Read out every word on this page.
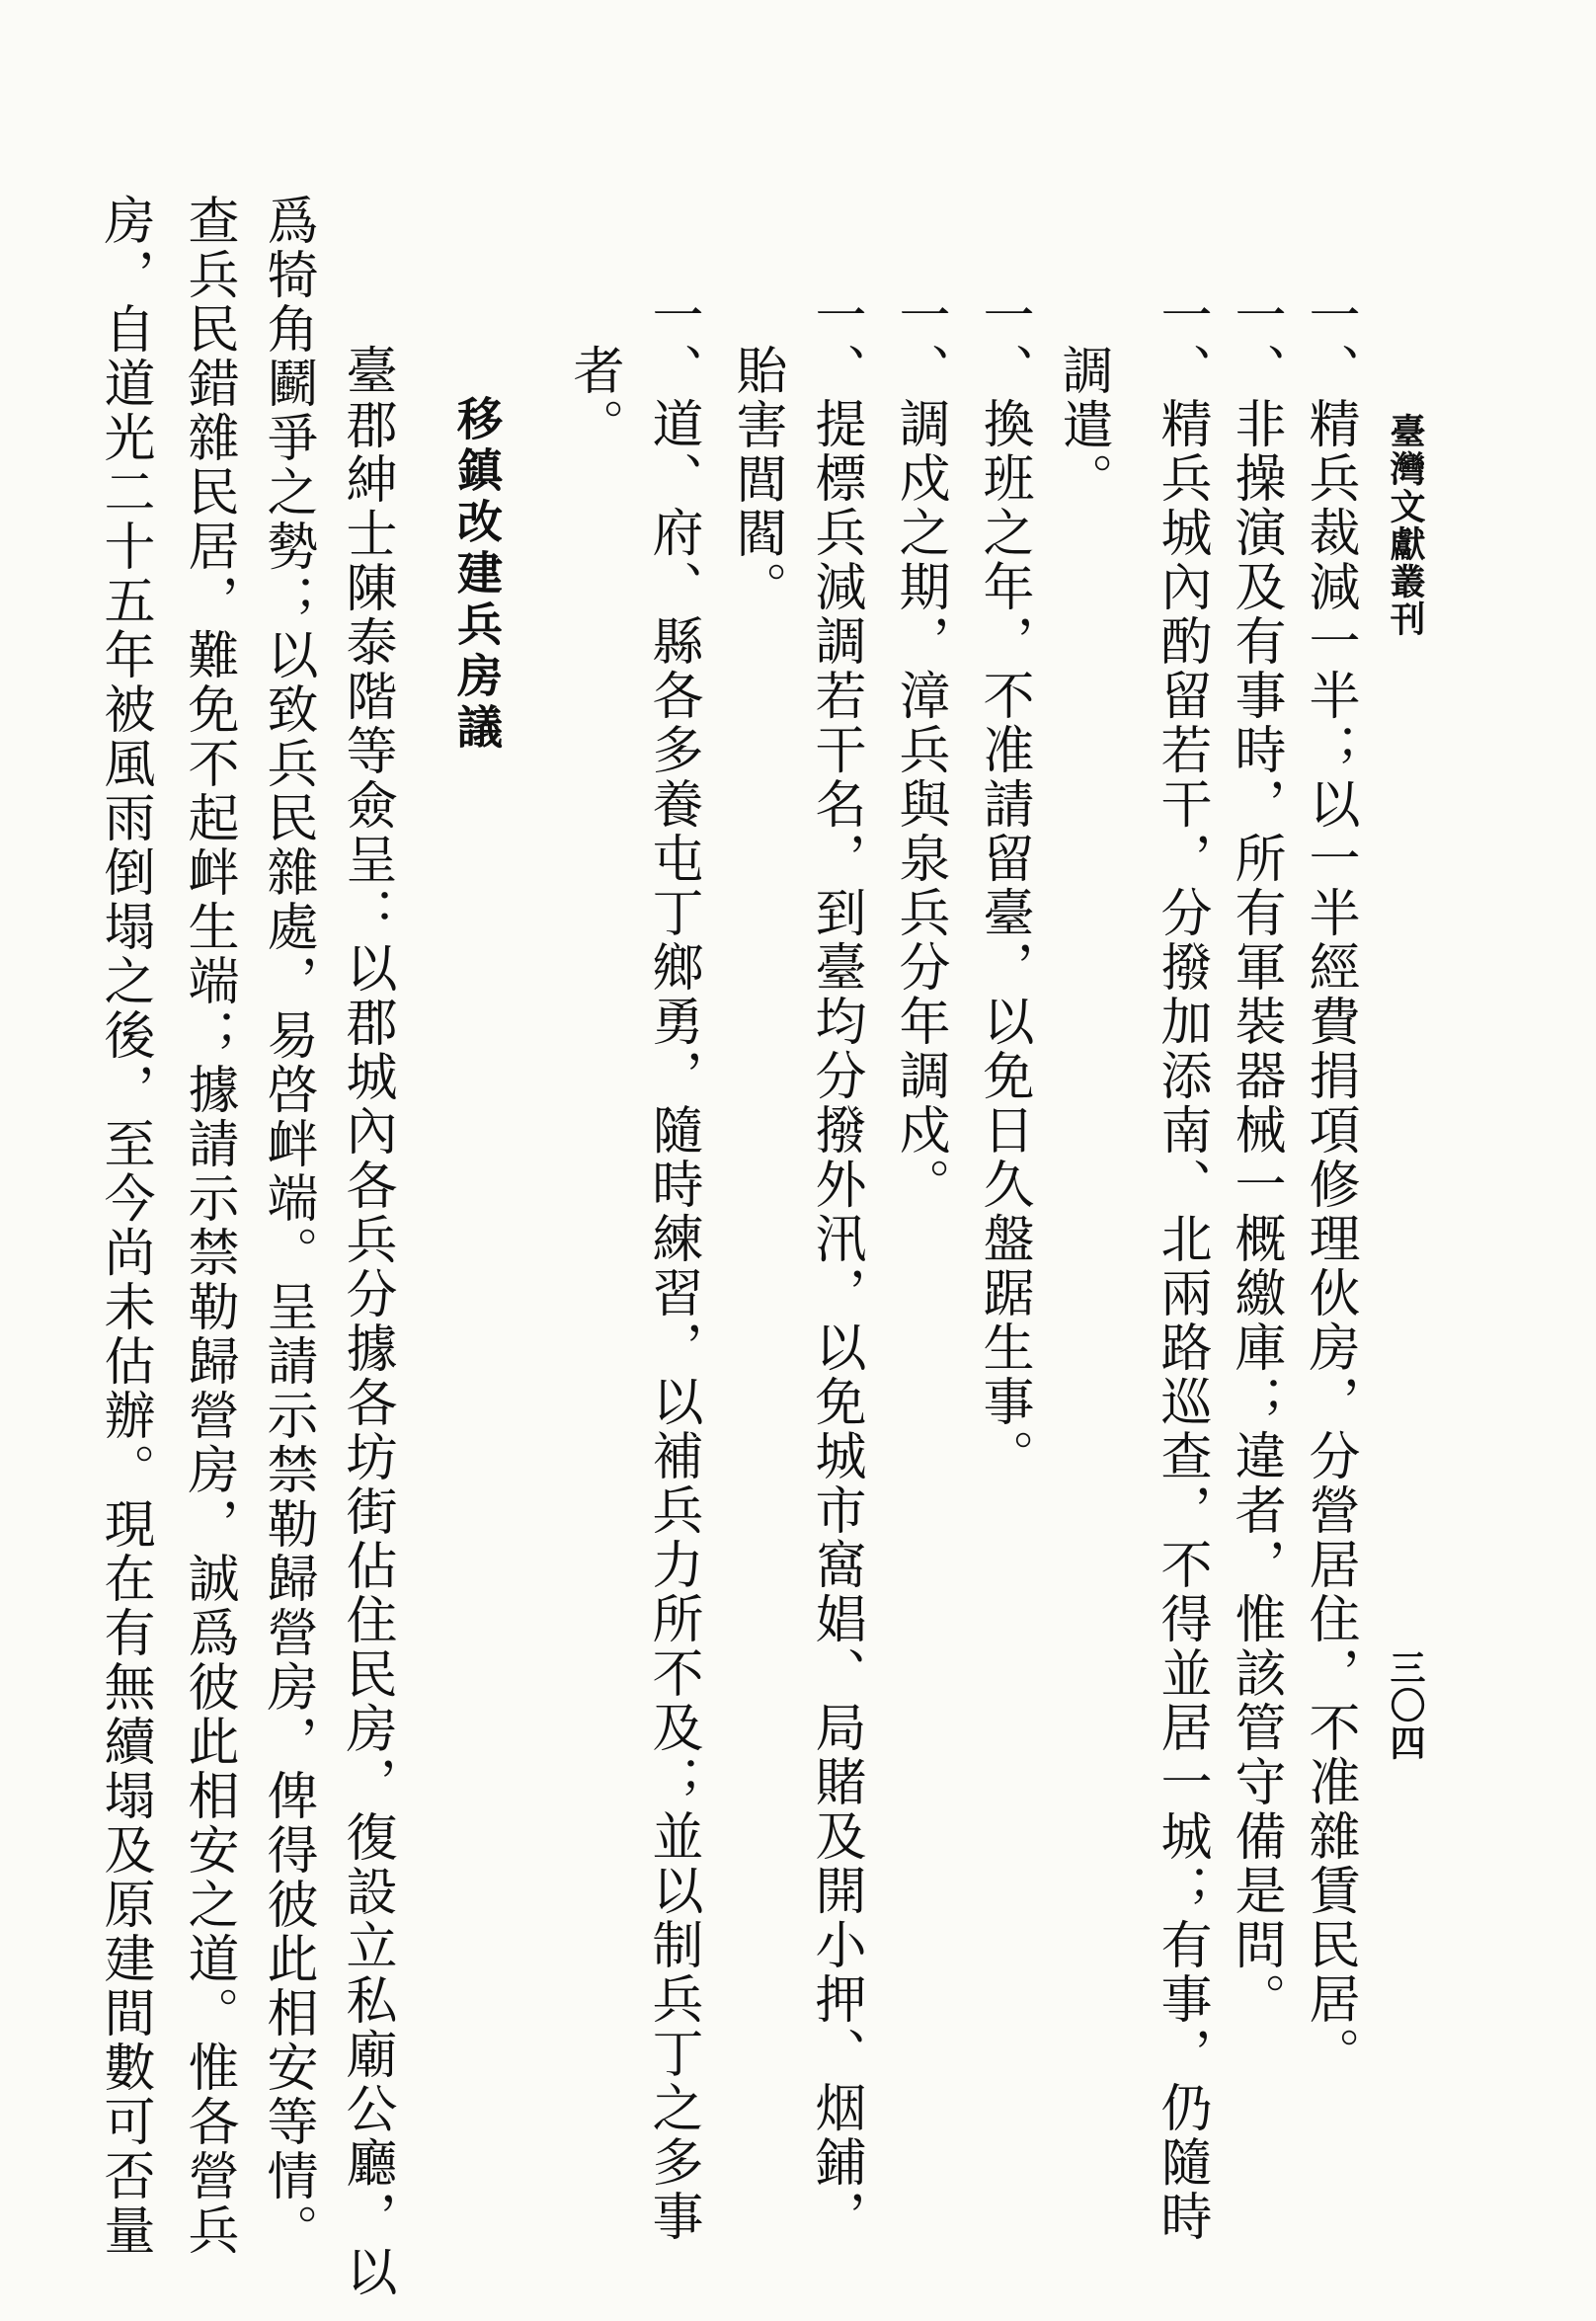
臺灣文獻叢刊
三〇四
一、精兵裁減一半；以一半經費捐項修理伙房，分營居住，不准雜賃民居。
一、非操演及有事時，所有軍裝器械一概繳庫；違者，惟該管守備是問。
一、精兵城內酌留若干，分撥加添南、北兩路巡查，不得並居一城；有事，仍隨時
調遣。
一、換班之年，不准請留臺，以免日久盤踞生事。
一、調戍之期，漳兵與泉兵分年調戍。
一、提標兵減調若干名，到臺均分撥外汛，以免城市窩娼、局賭及開小押、烟鋪，
貽害閭閻。
一、道、府、縣各多養屯丁鄉勇，隨時練習，以補兵力所不及；並以制兵丁之多事
者。
移鎮改建兵房議
臺郡紳士陳泰階等僉呈：以郡城內各兵分據各坊街佔住民房，復設立私廟公廳，以
爲犄角鬬爭之勢；以致兵民雜處，易啓衅端。呈請示禁勒歸營房，俾得彼此相安等情。
查兵民錯雜民居，難免不起衅生端；據請示禁勒歸營房，誠爲彼此相安之道。惟各營兵
房，自道光二十五年被風雨倒塌之後，至今尚未估辦。現在有無續塌及原建間數可否量
